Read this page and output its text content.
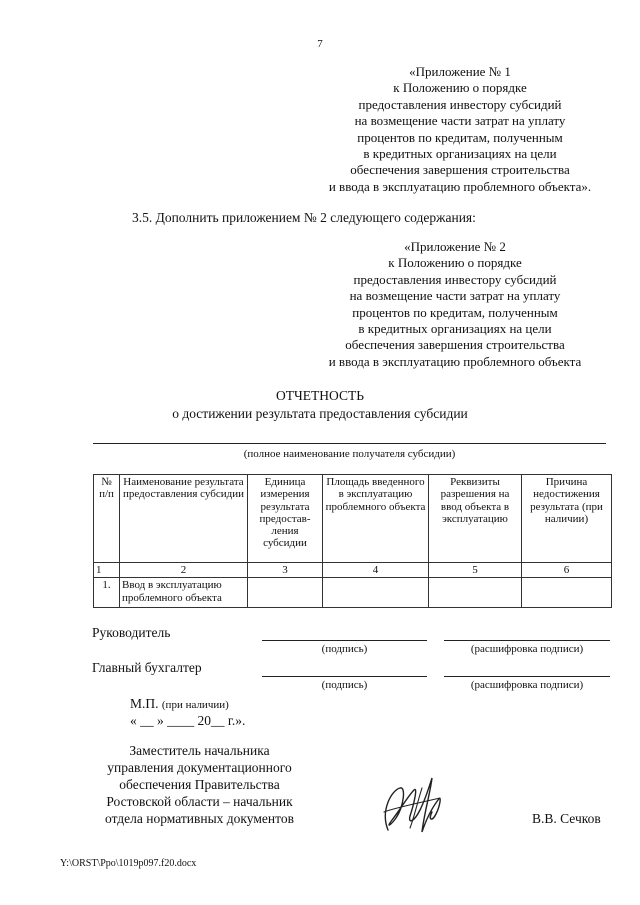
7
«Приложение № 1
к Положению о порядке
предоставления инвестору субсидий
на возмещение части затрат на уплату
процентов по кредитам, полученным
в кредитных организациях на цели
обеспечения завершения строительства
и ввода в эксплуатацию проблемного объекта».
3.5. Дополнить приложением № 2 следующего содержания:
«Приложение № 2
к Положению о порядке
предоставления инвестору субсидий
на возмещение части затрат на уплату
процентов по кредитам, полученным
в кредитных организациях на цели
обеспечения завершения строительства
и ввода в эксплуатацию проблемного объекта
ОТЧЕТНОСТЬ
о достижении результата предоставления субсидии
(полное наименование получателя субсидии)
№ п/п	Наименование результата предоставления субсидии	Единица измерения результата предостав-ления субсидии	Площадь введенного в эксплуатацию проблемного объекта	Реквизиты разрешения на ввод объекта в эксплуатацию	Причина недостижения результата (при наличии)
1	2	3	4	5	6
1.	Ввод в эксплуатацию проблемного объекта				
Руководитель
(подпись)	(расшифровка подписи)
Главный бухгалтер
(подпись)	(расшифровка подписи)
М.П. (при наличии)
« __ » ____ 20__ г.».
Заместитель начальника
управления документационного
обеспечения Правительства
Ростовской области – начальник
отдела нормативных документов	В.В. Сечков
Y:\ORST\Ppo\1019p097.f20.docx
